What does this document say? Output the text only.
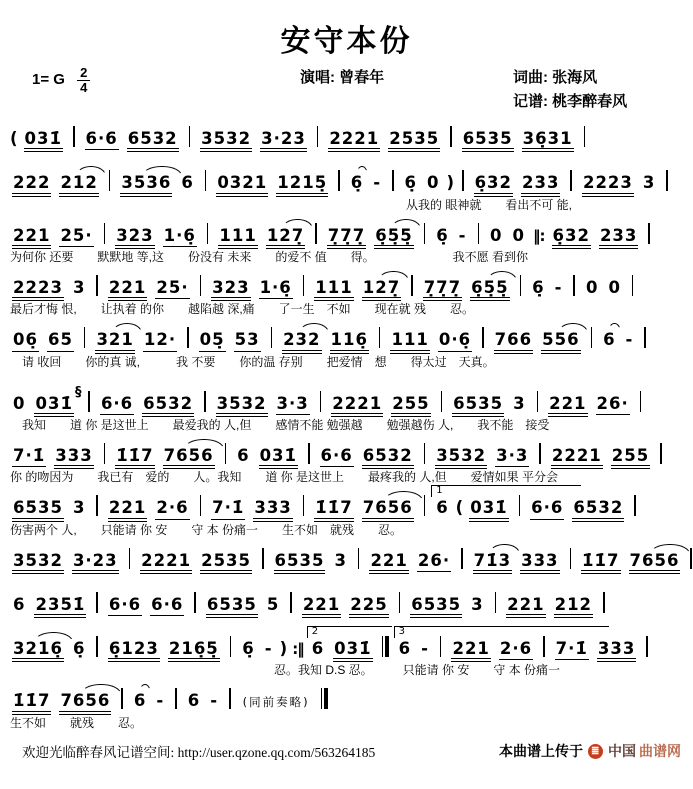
安守本份
1= G $\frac{2}{4}$	演唱: 曾春年	词曲: 张海风
记谱: 桃李醉春风
( 031̇ 6·6 6532 3532 3·23 2221 2535 6535 36̣31
222 212 3536 6 0321 1215̣ 6̣ - 6̣ 0 ) 6̣32 233 2223 3
　　　　　　　　　　　　　　　　　　　　　　　　　　　　　　　　　从我的 眼神就　　看出不可 能,
221 25· 323 1·6̣ 111 127̣ 7̣7̣7̣ 6̣5̣5̣ 6̣ - 0 0 ‖: 6̣32 233
为何你 还要　　默默地 等,这　　份没有 未来　　的爱不 值　　得。　　　　　　　我不愿 看到你
2223 3 221 25· 323 1·6̣ 111 127̣ 7̣7̣7̣ 6̣5̣5̣ 6̣ - 0 0
最后才悔 恨,　　让执着 的你　　越陷越 深,痛　　了一生　不如　　现在就 残　　忍。
06̣ 65 321 12· 05̣ 53 232 116̣ 111 0·6̣ 766 556 6 -
　请 收回　　你的真 诚,　　　我 不要　　你的温 存别　　把爱情　想　　得太过　天真。
0 031̇§6·6 6532 3532 3·3 2221 255 6535 3 221 26·
　我知　　道 你 是这世上　　最爱我的 人,但　　感情不能 勉强越　　勉强越伤 人,　　我不能　接受
7·1̇ 333 1̇1̇7 7656 6 031̇ 6·6 6532 3532 3·3 2221 255
你 的吻因为　　我已有　爱的　　人。我知　　道 你 是这世上　　最疼我的 人,但　　爱情如果 平分会
6535 3 221 2·6 7·1̇ 333 1̇1̇7 765616 ( 031̇ 6·6 6532
伤害两个 人,　　只能请 你 安　　守 本 份痛一　　生不如　就残　　忍。
3532 3·23 2221 2535 6535 3 221 26· 71̇3 333 1̇1̇7 7656
6 2351̇ 6·6 6·6 6535 5 221 225 6535 3 221 212
3216̣ 6̣ 6̣123 216̣5̣ 6̣ - ) :‖26 031̇36 - 221 2·6 7·1̇ 333
　　　　　　　　　　　　　　　　　　　　　　忍。我知 D.S 忍。　　　只能请 你 安　　守 本 份痛一
1̇1̇7 7656 6 - 6 - (同前奏略)
生不如　　就残　　忍。
欢迎光临醉春风记谱空间: http://user.qzone.qq.com/563264185	本曲谱上传于 ≣ 中国 曲谱网
